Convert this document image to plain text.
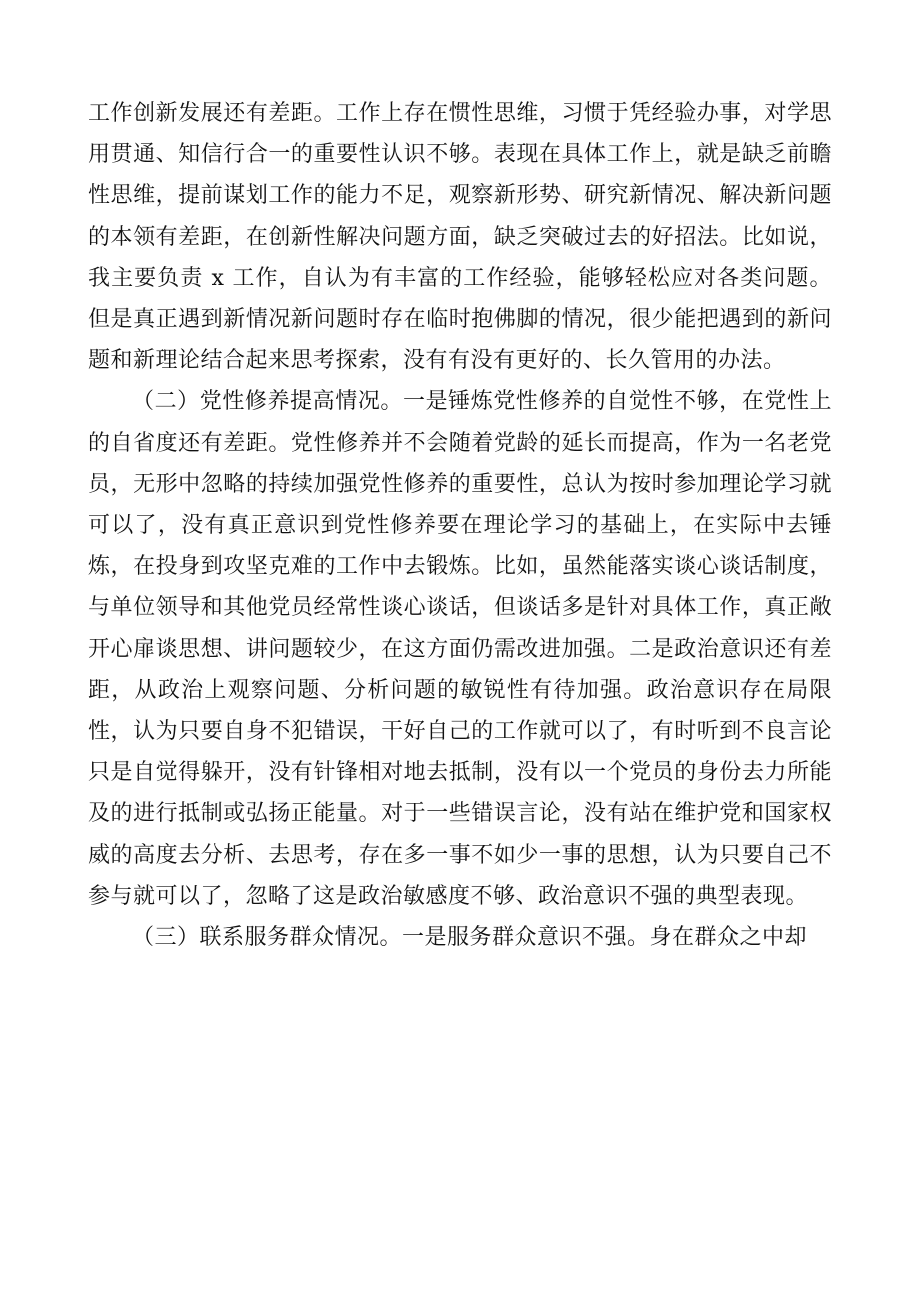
工作创新发展还有差距。工作上存在惯性思维，习惯于凭经验办事，对学思用贯通、知信行合一的重要性认识不够。表现在具体工作上，就是缺乏前瞻性思维，提前谋划工作的能力不足，观察新形势、研究新情况、解决新问题的本领有差距，在创新性解决问题方面，缺乏突破过去的好招法。比如说，我主要负责 x 工作，自认为有丰富的工作经验，能够轻松应对各类问题。但是真正遇到新情况新问题时存在临时抱佛脚的情况，很少能把遇到的新问题和新理论结合起来思考探索，没有有没有更好的、长久管用的办法。

（二）党性修养提高情况。一是锤炼党性修养的自觉性不够，在党性上的自省度还有差距。党性修养并不会随着党龄的延长而提高，作为一名老党员，无形中忽略的持续加强党性修养的重要性，总认为按时参加理论学习就可以了，没有真正意识到党性修养要在理论学习的基础上，在实际中去锤炼，在投身到攻坚克难的工作中去锻炼。比如，虽然能落实谈心谈话制度，与单位领导和其他党员经常性谈心谈话，但谈话多是针对具体工作，真正敞开心扉谈思想、讲问题较少，在这方面仍需改进加强。二是政治意识还有差距，从政治上观察问题、分析问题的敏锐性有待加强。政治意识存在局限性，认为只要自身不犯错误，干好自己的工作就可以了，有时听到不良言论只是自觉得躲开，没有针锋相对地去抵制，没有以一个党员的身份去力所能及的进行抵制或弘扬正能量。对于一些错误言论，没有站在维护党和国家权威的高度去分析、去思考，存在多一事不如少一事的思想，认为只要自己不参与就可以了，忽略了这是政治敏感度不够、政治意识不强的典型表现。

（三）联系服务群众情况。一是服务群众意识不强。身在群众之中却
